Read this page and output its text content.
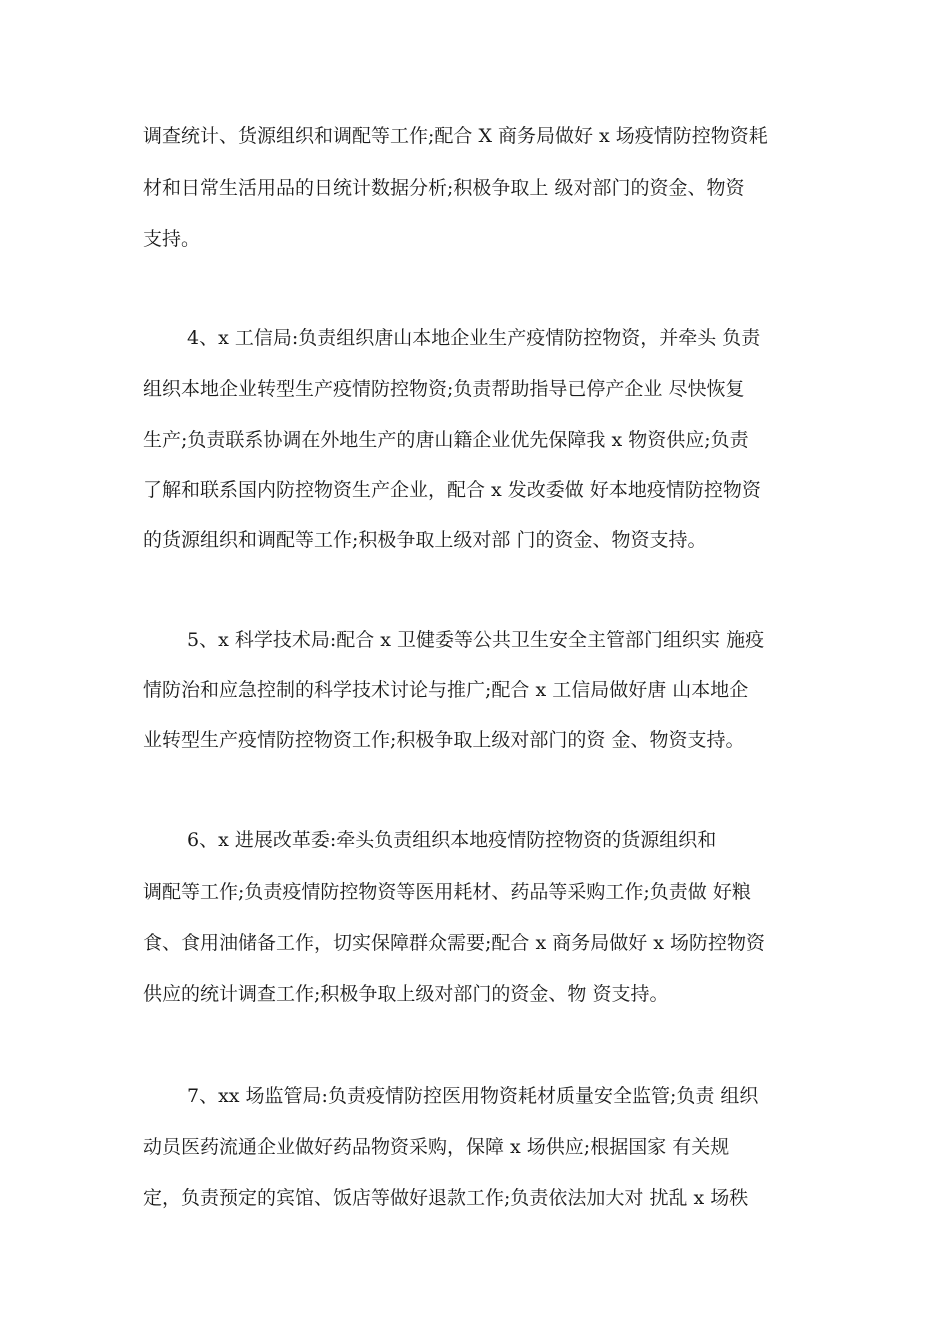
调查统计、货源组织和调配等工作;配合 X 商务局做好 x 场疫情防控物资耗
材和日常生活用品的日统计数据分析;积极争取上 级对部门的资金、物资
支持。
4、x 工信局:负责组织唐山本地企业生产疫情防控物资，并牵头 负责
组织本地企业转型生产疫情防控物资;负责帮助指导已停产企业 尽快恢复
生产;负责联系协调在外地生产的唐山籍企业优先保障我 x 物资供应;负责
了解和联系国内防控物资生产企业，配合 x 发改委做 好本地疫情防控物资
的货源组织和调配等工作;积极争取上级对部 门的资金、物资支持。
5、x 科学技术局:配合 x 卫健委等公共卫生安全主管部门组织实 施疫
情防治和应急控制的科学技术讨论与推广;配合 x 工信局做好唐 山本地企
业转型生产疫情防控物资工作;积极争取上级对部门的资 金、物资支持。
6、x 进展改革委:牵头负责组织本地疫情防控物资的货源组织和
调配等工作;负责疫情防控物资等医用耗材、药品等采购工作;负责做 好粮
食、食用油储备工作，切实保障群众需要;配合 x 商务局做好 x 场防控物资
供应的统计调查工作;积极争取上级对部门的资金、物 资支持。
7、xx 场监管局:负责疫情防控医用物资耗材质量安全监管;负责 组织
动员医药流通企业做好药品物资采购，保障 x 场供应;根据国家 有关规
定，负责预定的宾馆、饭店等做好退款工作;负责依法加大对 扰乱 x 场秩
